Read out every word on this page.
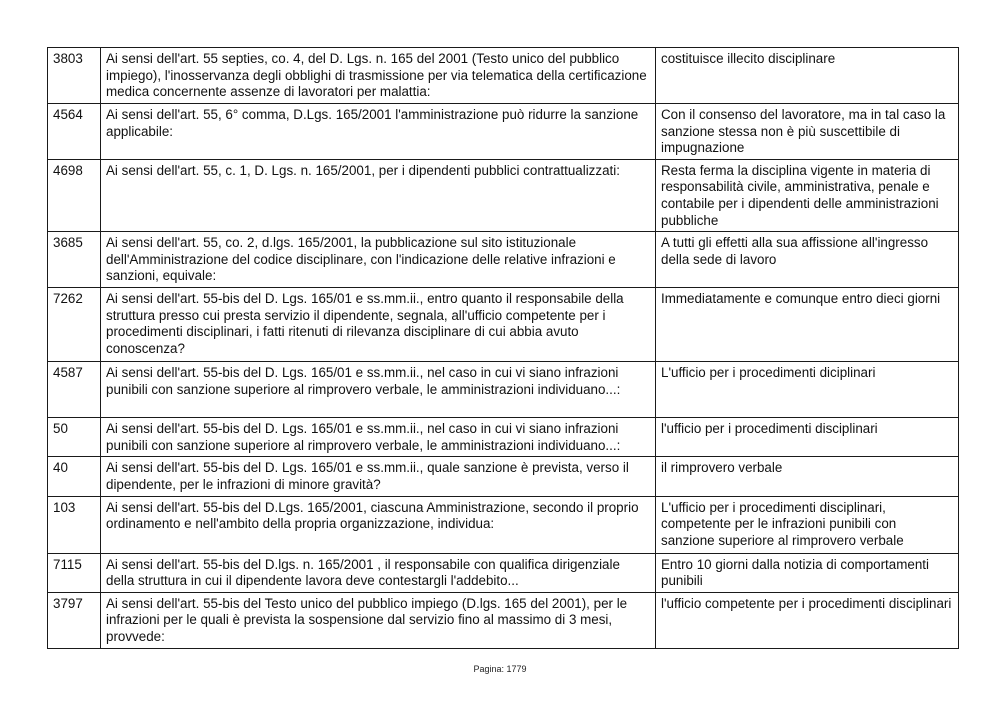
3803	Ai sensi dell'art. 55 septies, co. 4, del D. Lgs. n. 165 del 2001 (Testo unico del pubblico impiego), l'inosservanza degli obblighi di trasmissione per via telematica della certificazione medica concernente assenze di lavoratori per malattia:	costituisce illecito disciplinare
4564	Ai sensi dell'art. 55, 6° comma, D.Lgs. 165/2001 l'amministrazione può ridurre la sanzione applicabile:	Con il consenso del lavoratore, ma in tal caso la sanzione stessa non è più suscettibile di impugnazione
4698	Ai sensi dell'art. 55, c. 1, D. Lgs. n. 165/2001, per i dipendenti pubblici contrattualizzati:	Resta ferma la disciplina vigente in materia di responsabilità civile, amministrativa, penale e contabile per i dipendenti delle amministrazioni pubbliche
3685	Ai sensi dell'art. 55, co. 2, d.lgs. 165/2001, la pubblicazione sul sito istituzionale dell'Amministrazione del codice disciplinare, con l'indicazione delle relative infrazioni e sanzioni, equivale:	A tutti gli effetti alla sua affissione all'ingresso della sede di lavoro
7262	Ai sensi dell'art. 55-bis del D. Lgs. 165/01 e ss.mm.ii., entro quanto il responsabile della struttura presso cui presta servizio il dipendente, segnala, all'ufficio competente per i procedimenti disciplinari, i fatti ritenuti di rilevanza disciplinare di cui abbia avuto conoscenza?	Immediatamente e comunque entro dieci giorni
4587	Ai sensi dell'art. 55-bis del D. Lgs. 165/01 e ss.mm.ii., nel caso in cui vi siano infrazioni punibili con sanzione superiore al rimprovero verbale, le amministrazioni individuano...:	L'ufficio per i procedimenti diciplinari
50	Ai sensi dell'art. 55-bis del D. Lgs. 165/01 e ss.mm.ii., nel caso in cui vi siano infrazioni punibili con sanzione superiore al rimprovero verbale, le amministrazioni individuano...:	l'ufficio per i procedimenti disciplinari
40	Ai sensi dell'art. 55-bis del D. Lgs. 165/01 e ss.mm.ii., quale sanzione è prevista, verso il dipendente, per le infrazioni di minore gravità?	il rimprovero verbale
103	Ai sensi dell'art. 55-bis del D.Lgs. 165/2001, ciascuna Amministrazione, secondo il proprio ordinamento e nell'ambito della propria organizzazione, individua:	L'ufficio per i procedimenti disciplinari, competente per le infrazioni punibili con sanzione superiore al rimprovero verbale
7115	Ai sensi dell'art. 55-bis del D.lgs. n. 165/2001 , il responsabile con qualifica dirigenziale della struttura in cui il dipendente lavora deve contestargli l'addebito...	Entro 10 giorni dalla notizia di comportamenti punibili
3797	Ai sensi dell'art. 55-bis del Testo unico del pubblico impiego (D.lgs. 165 del 2001), per le infrazioni per le quali è prevista la sospensione dal servizio fino al massimo di 3 mesi, provvede:	l'ufficio competente per i procedimenti disciplinari
Pagina: 1779
